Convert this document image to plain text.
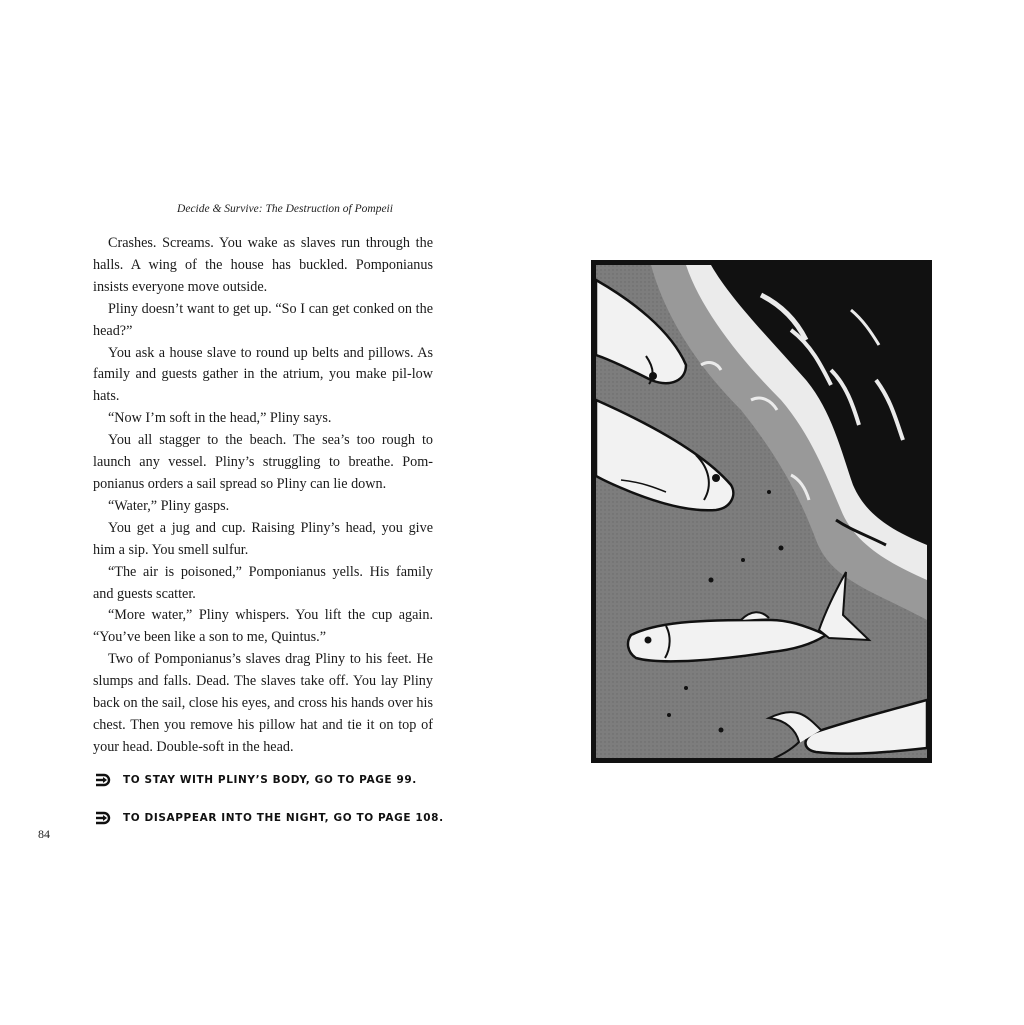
Decide & Survive: The Destruction of Pompeii

Crashes. Screams. You wake as slaves run through the halls. A wing of the house has buckled. Pomponianus insists everyone move outside.

Pliny doesn’t want to get up. “So I can get conked on the head?”

You ask a house slave to round up belts and pillows. As family and guests gather in the atrium, you make pil-low hats.

“Now I’m soft in the head,” Pliny says.

You all stagger to the beach. The sea’s too rough to launch any vessel. Pliny’s struggling to breathe. Pom-ponianus orders a sail spread so Pliny can lie down.

“Water,” Pliny gasps.

You get a jug and cup. Raising Pliny’s head, you give him a sip. You smell sulfur.

“The air is poisoned,” Pomponianus yells. His family and guests scatter.

“More water,” Pliny whispers. You lift the cup again. “You’ve been like a son to me, Quintus.”

Two of Pomponianus’s slaves drag Pliny to his feet. He slumps and falls. Dead. The slaves take off. You lay Pliny back on the sail, close his eyes, and cross his hands over his chest. Then you remove his pillow hat and tie it on top of your head. Double-soft in the head.

TO STAY WITH PLINY’S BODY, GO TO PAGE 99.
TO DISAPPEAR INTO THE NIGHT, GO TO PAGE 108.
84
